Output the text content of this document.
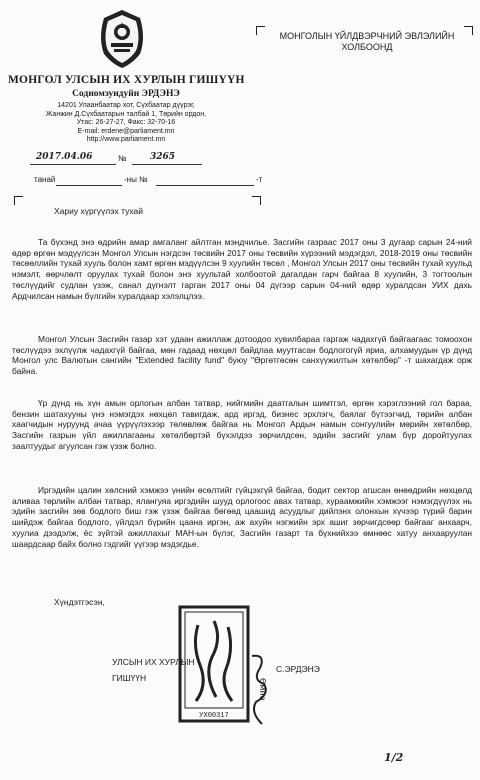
МОНГОЛ УЛСЫН ИХ ХУРЛЫН ГИШҮҮН
Содномзундуйн ЭРДЭНЭ
14201 Улаанбаатар хот, Сүхбаатар дүүрэг,
Жанжин Д.Сүхбаатарын талбай 1, Төрийн ордон,
Утас: 26-27-27, Факс: 32-70-16
E-mail: erdene@parliament.mn
http://www.parliament.mn
МОНГОЛЫН ҮЙЛДВЭРЧНИЙ ЭВЛЭЛИЙН
ХОЛБООНД
2017.04.06	№	3265
танай	-ны №	-т
Хариу хүргүүлэх тухай

Та бүхэнд энэ өдрийн амар амгаланг айлтган мэндчилье. Засгийн газраас 2017 оны 3 дугаар сарын 24-ний өдөр өргөн мэдүүлсэн Монгол Улсын нэгдсэн төсвийн 2017 оны төсвийн хүрээний мэдэгдэл, 2018-2019 оны төсвийн төсөөллийн тухай хууль болон хамт өргөн мэдүүлсэн 9 хуулийн төсөл , Монгол Улсын 2017 оны төсвийн тухай хуульд нэмэлт, өөрчлөлт оруулах тухай болон энэ хуультай холбоотой дагалдан гарч байгаа 8 хуулийн, 3 тогтоолын төслүүдийг судлан үзэж, санал дүгнэлт гарган 2017 оны 04 дүгээр сарын 04-ний өдөр хуралдсан УИХ дахь Ардчилсан намын бүлгийн хуралдаар хэлэлцлээ.

Монгол Улсын Засгийн газар хэт удаан ажиллаж дотоодоо хувилбараа гаргаж чадахгүй байгаагаас томоохон төслүүдээ эхлүүлж чадахгүй байгаа, мөн гадаад нөхцөл байдлаа муутгасан бодлогогүй яриа, алхамуудын үр дүнд Монгол улс Валютын сангийн "Extended facility fund" буюу "Өргөтгөсөн санхүүжилтын хөтөлбөр" -т шахагдаж орж байна.

Үр дүнд нь хүн амын орлогын албан татвар, нийгмийн даатгалын шимтгэл, өргөн хэрэглээний гол бараа, бензин шатахууны үнэ нэмэгдэх нөхцөл тавигдаж, ард иргэд, бизнес эрхлэгч, баялаг бүтээгчид, төрийн албан хаагчидын нуруунд ачаа үүрүүлэхээр төлөвлөж байгаа нь Монгол Ардын намын сонгуулийн мөрийн хөтөлбөр, Засгийн газрын үйл ажиллагааны хөтөлбөртэй бүхэлдээ зөрчилдсөн, эдийн засгийг улам бүр доройтуулах заалтуудыг агуулсан гэж үзэж болно.

Иргэдийн цалин хөлсний хэмжээ үнийн өсөлтийг гүйцэхгүй байгаа, бодит сектор агшсан өнөөдрийн нөхцөлд аливаа төрлийн албан татвар, ялангуяа иргэдийн шууд орлогоос авах татвар, хураамжийн хэмжээг нэмэгдүүлэх нь эдийн засгийн зөв бодлого биш гэж үзэж байгаа бөгөөд цаашид асуудлыг дийлэнх олонхын хүчээр түрий барин шийдэж байгаа бодлого, үйлдэл бүрийн цаана иргэн, аж ахуйн нэгжийн эрх ашиг зөрчигдсөөр байгааг анхаарч, хуулиа дээдэлж, ёс зүйтэй ажиллахыг МАН-ын бүлэг, Засгийн газарт та бүхнийхээ өмнөөс хатуу анхааруулан шаардсаар байх болно гэдгийг үүгээр мэдэгдье.

Хүндэтгэсэн,
УЛСЫН ИХ ХУРЛЫН
ГИШҮҮН
С.ЭРДЭНЭ
УХ00317
Өмнө
1/2
